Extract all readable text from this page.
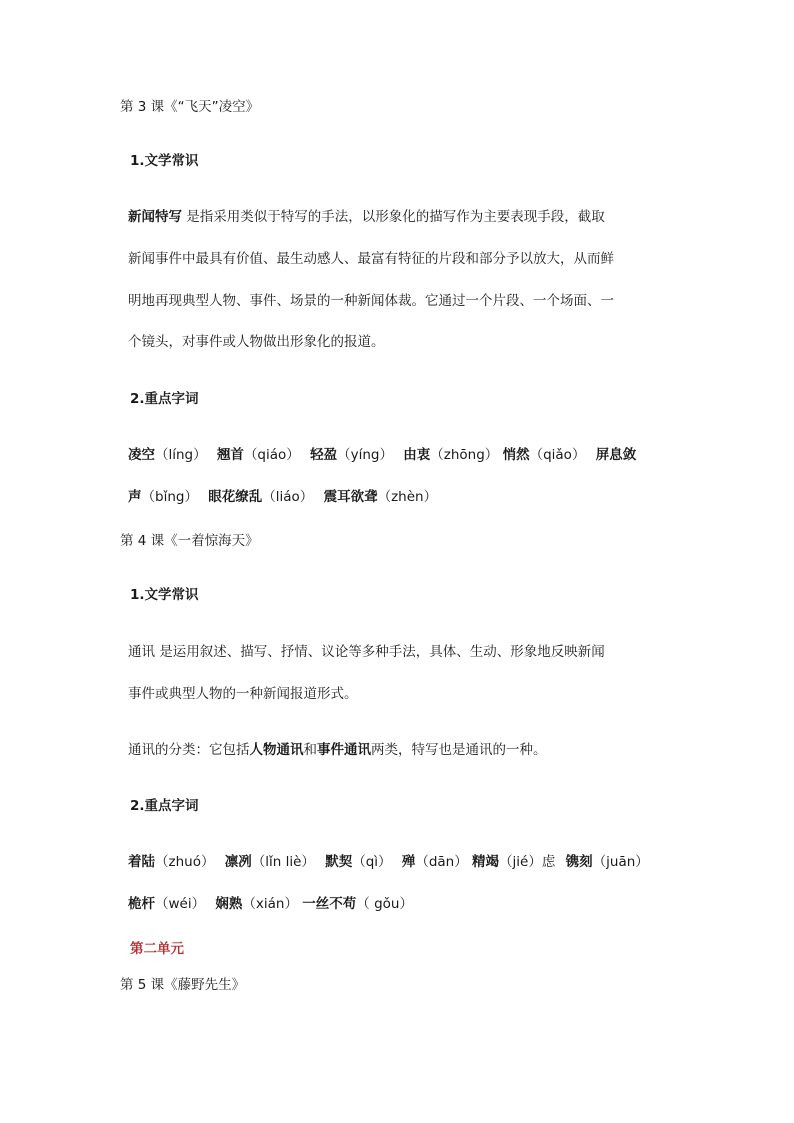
第 3 课《“飞天”凌空》
1.文学常识
新闻特写 是指采用类似于特写的手法，以形象化的描写作为主要表现手段，截取
新闻事件中最具有价值、最生动感人、最富有特征的片段和部分予以放大，从而鲜
明地再现典型人物、事件、场景的一种新闻体裁。它通过一个片段、一个场面、一
个镜头，对事件或人物做出形象化的报道。
2.重点字词
凌空（líng） 翘首（qiáo） 轻盈（yíng） 由衷（zhōng） 悄然（qiǎo） 屏息敛
声（bǐng） 眼花缭乱（liáo） 震耳欲聋（zhèn）
第 4 课《一着惊海天》
1.文学常识
通讯 是运用叙述、描写、抒情、议论等多种手法，具体、生动、形象地反映新闻
事件或典型人物的一种新闻报道形式。
通讯的分类：它包括人物通讯和事件通讯两类，特写也是通讯的一种。
2.重点字词
着陆（zhuó） 凛冽（lǐn liè） 默契（qì） 殚（dān） 精竭（jié）虑 镌刻（juān）
桅杆（wéi） 娴熟（xián） 一丝不苟（ gǒu）
第二单元
第 5 课《藤野先生》
